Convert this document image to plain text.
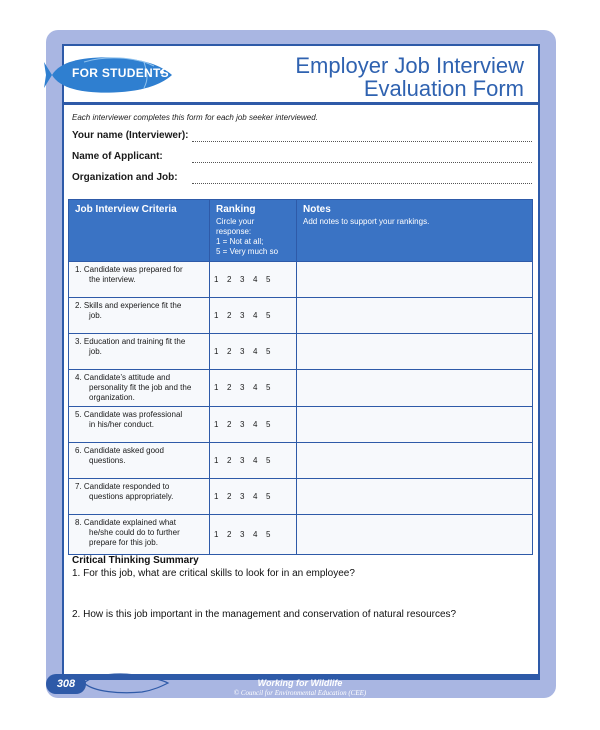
FOR STUDENTS	Employer Job Interview
Evaluation Form
Each interviewer completes this form for each job seeker interviewed.
Your name (Interviewer):
Name of Applicant:
Organization and Job:
Job Interview Criteria	Ranking
Circle your
response:
1 = Not at all;
5 = Very much so	Notes
Add notes to support your rankings.

1. Candidate was prepared for
the interview.	1 2 3 4 5	

2. Skills and experience fit the
job.	1 2 3 4 5	

3. Education and training fit the
job.	1 2 3 4 5	

4. Candidate’s attitude and
personality fit the job and the
organization.	1 2 3 4 5	

5. Candidate was professional
in his/her conduct.	1 2 3 4 5	

6. Candidate asked good
questions.	1 2 3 4 5	

7. Candidate responded to
questions appropriately.	1 2 3 4 5	

8. Candidate explained what
he/she could do to further
prepare for this job.	1 2 3 4 5	
Critical Thinking Summary
1. For this job, what are critical skills to look for in an employee?
2. How is this job important in the management and conservation of natural resources?
308	Working for Wildlife
© Council for Environmental Education (CEE)
